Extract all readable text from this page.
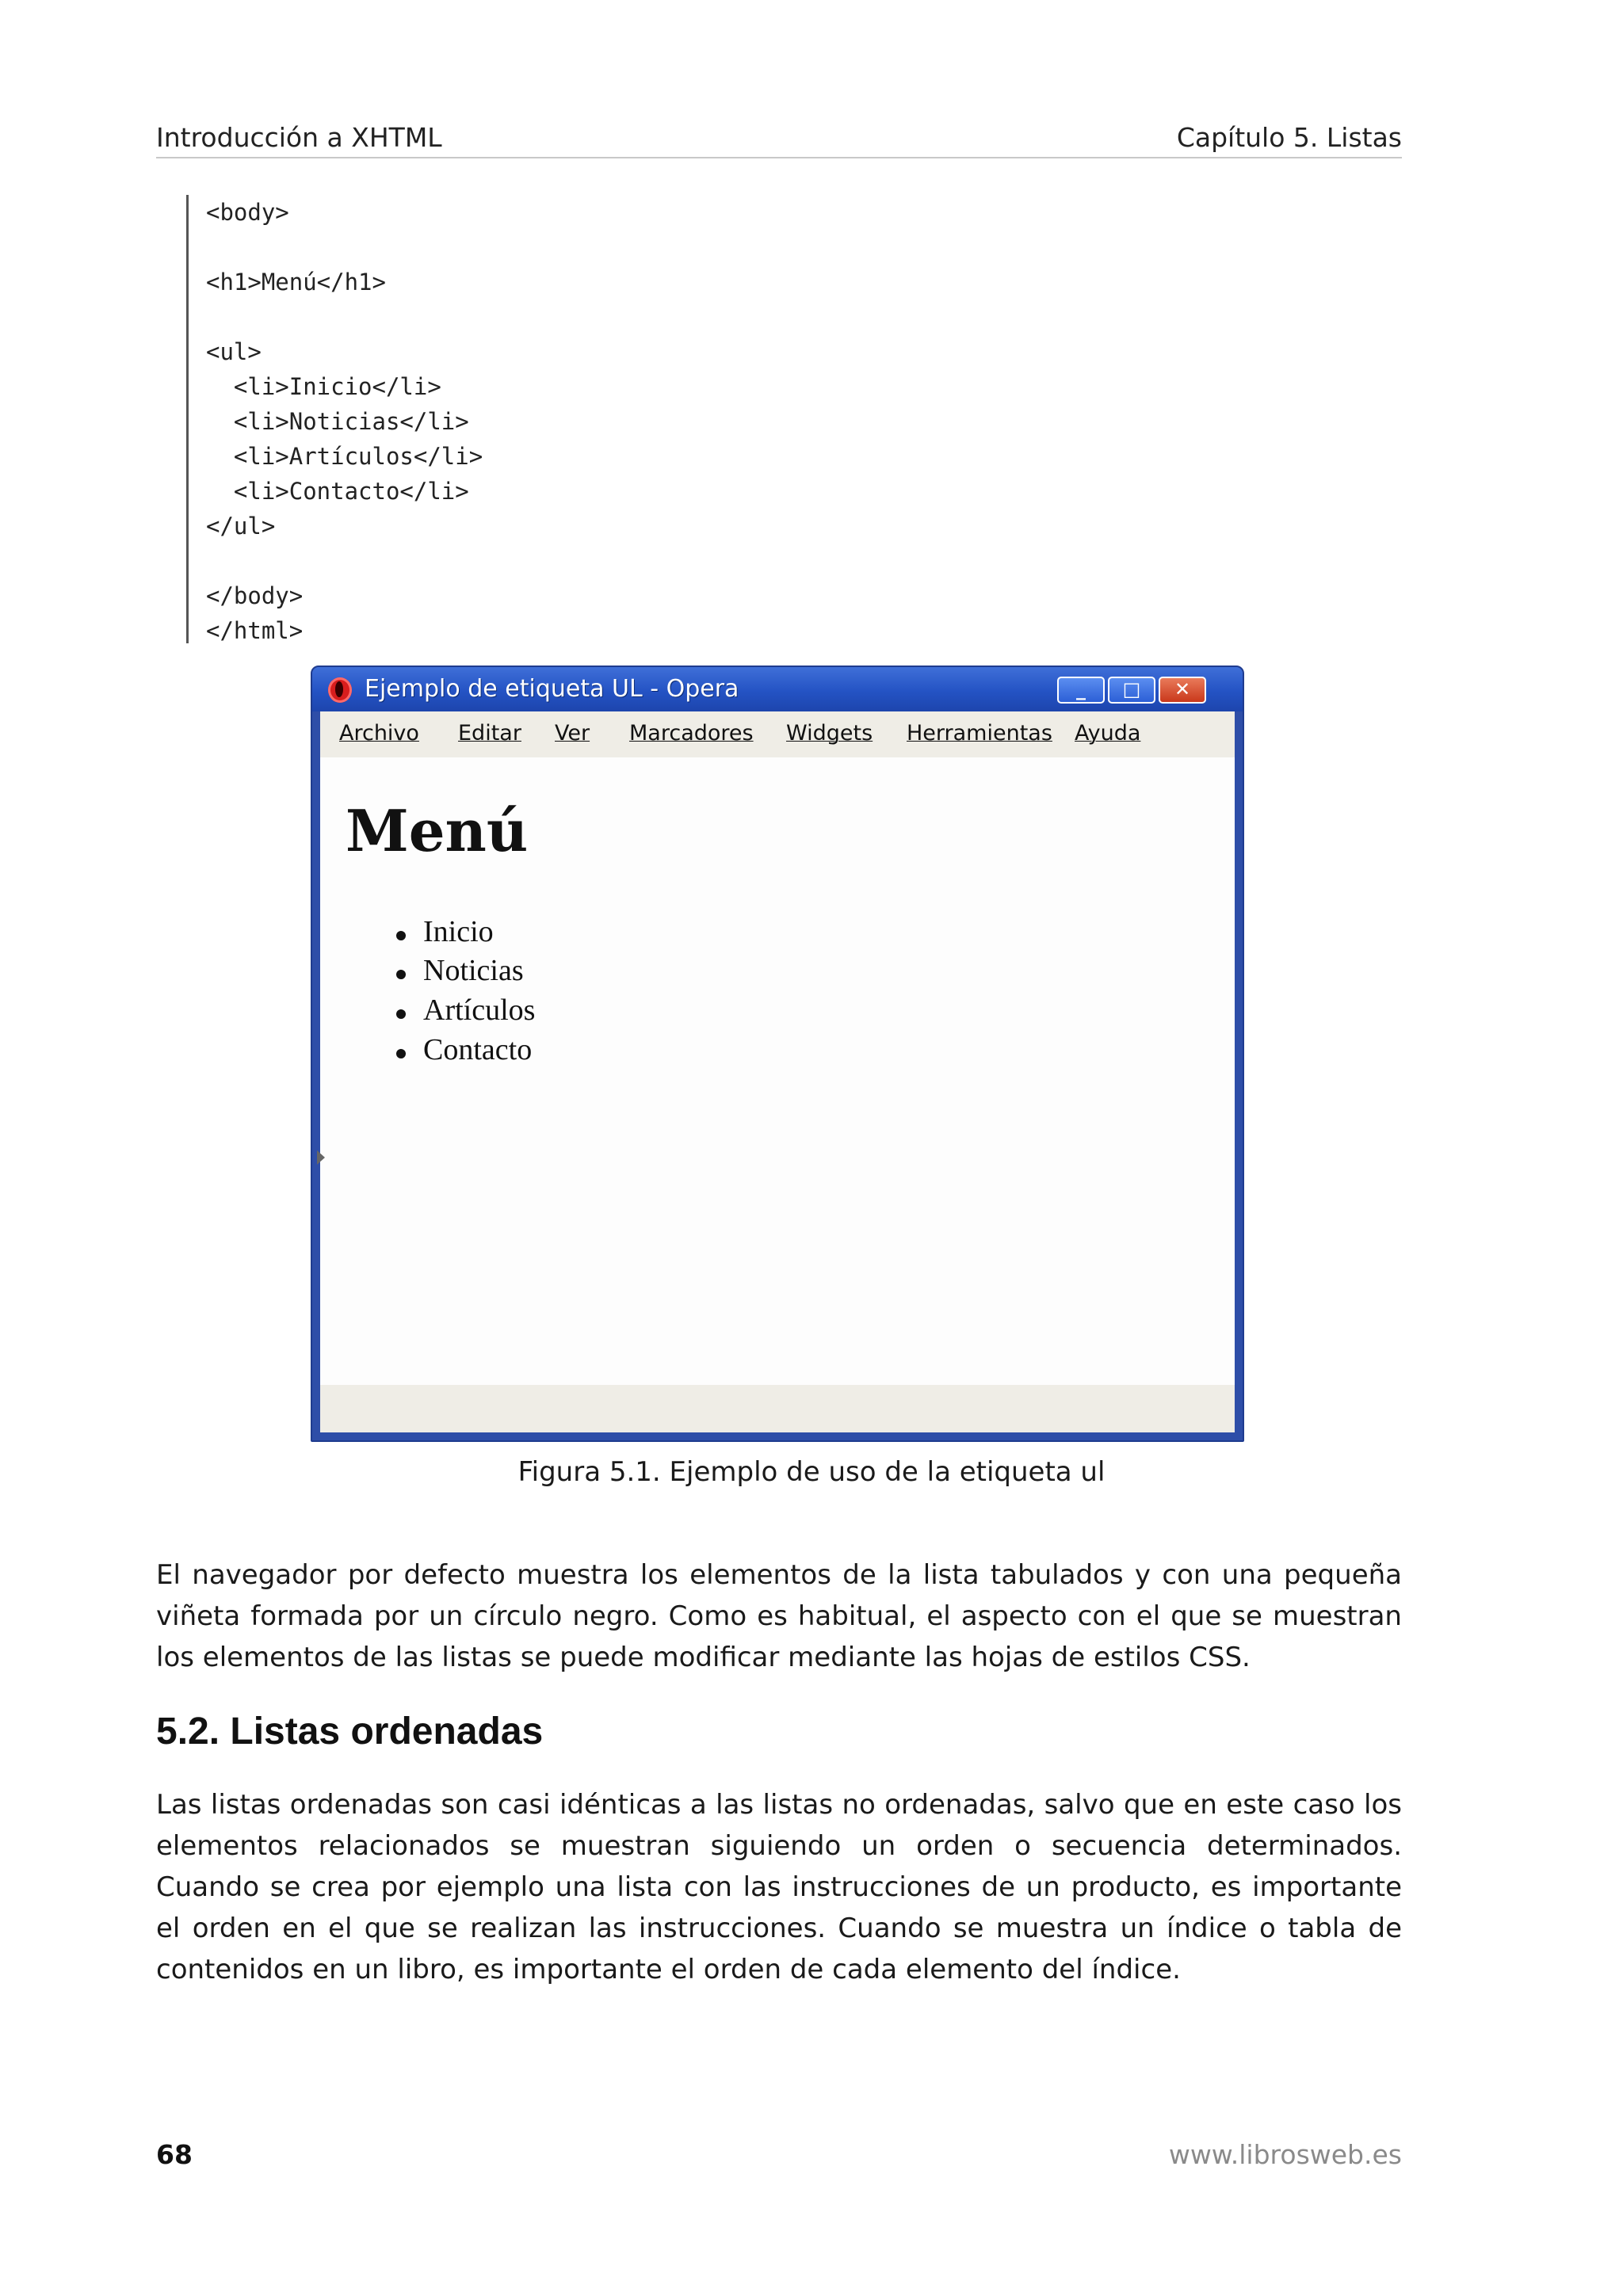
Introducción a XHTML	Capítulo 5. Listas
<body>
<h1>Menú</h1>
<ul>
<li>Inicio</li>
<li>Noticias</li>
<li>Artículos</li>
<li>Contacto</li>
</ul>
</body>
</html>
Ejemplo de etiqueta UL - Opera	_	□	✕
Archivo Editar Ver Marcadores Widgets Herramientas Ayuda
Menú
Inicio
Noticias
Artículos
Contacto
Figura 5.1. Ejemplo de uso de la etiqueta ul
El navegador por defecto muestra los elementos de la lista tabulados y con una pequeña viñeta formada por un círculo negro. Como es habitual, el aspecto con el que se muestran los elementos de las listas se puede modificar mediante las hojas de estilos CSS.
5.2. Listas ordenadas
Las listas ordenadas son casi idénticas a las listas no ordenadas, salvo que en este caso los elementos relacionados se muestran siguiendo un orden o secuencia determinados. Cuando se crea por ejemplo una lista con las instrucciones de un producto, es importante el orden en el que se realizan las instrucciones. Cuando se muestra un índice o tabla de contenidos en un libro, es importante el orden de cada elemento del índice.
68	www.librosweb.es
